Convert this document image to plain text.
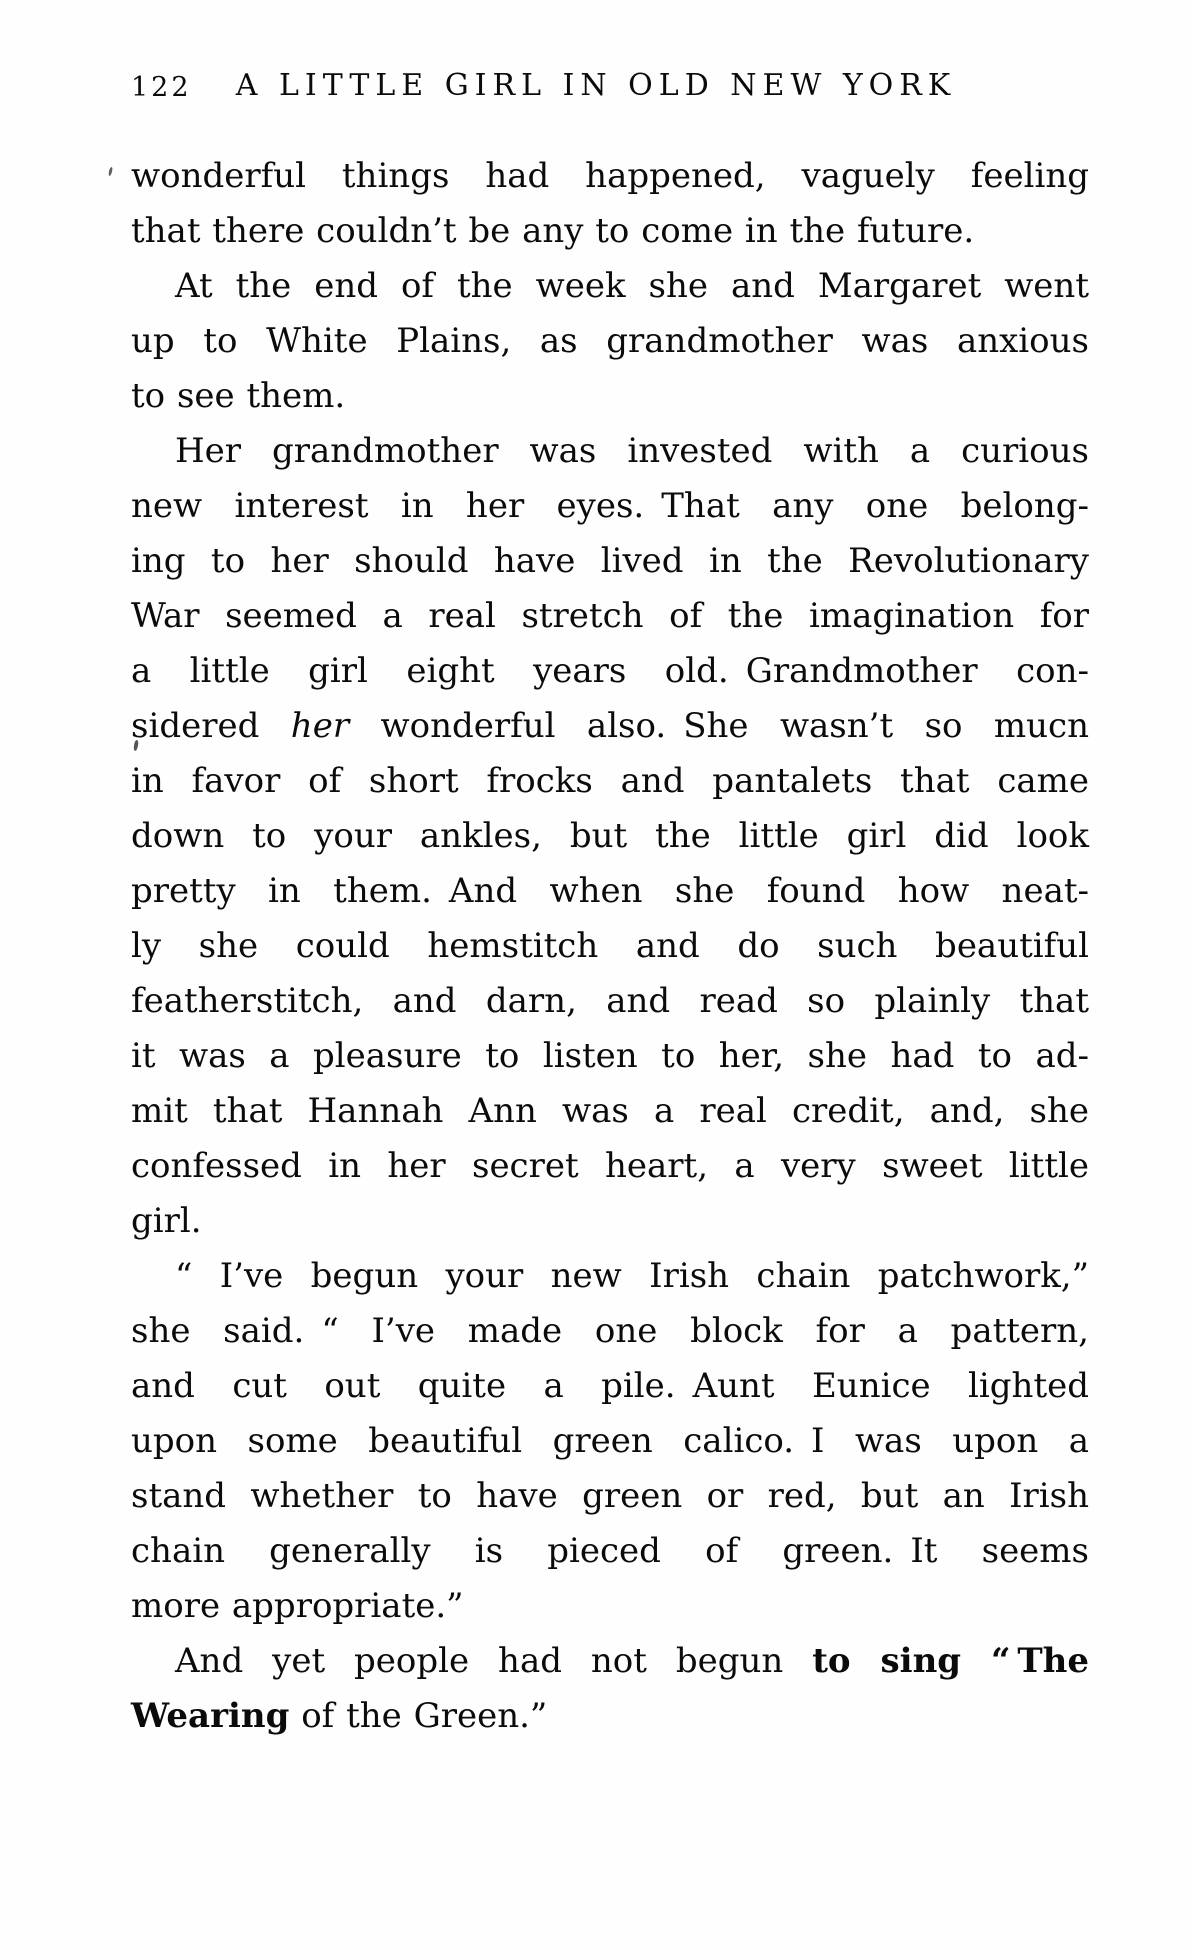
122	A LITTLE GIRL IN OLD NEW YORK
wonderful things had happened, vaguely feeling
that there couldn’t be any to come in the future.
At the end of the week she and Margaret went
up to White Plains, as grandmother was anxious
to see them.
Her grandmother was invested with a curious
new interest in her eyes. That any one belong-
ing to her should have lived in the Revolutionary
War seemed a real stretch of the imagination for
a little girl eight years old. Grandmother con-
sidered her wonderful also. She wasn’t so mucn
in favor of short frocks and pantalets that came
down to your ankles, but the little girl did look
pretty in them. And when she found how neat-
ly she could hemstitch and do such beautiful
featherstitch, and darn, and read so plainly that
it was a pleasure to listen to her, she had to ad-
mit that Hannah Ann was a real credit, and, she
confessed in her secret heart, a very sweet little
girl.
“ I’ve begun your new Irish chain patchwork,”
she said. “ I’ve made one block for a pattern,
and cut out quite a pile. Aunt Eunice lighted
upon some beautiful green calico. I was upon a
stand whether to have green or red, but an Irish
chain generally is pieced of green. It seems
more appropriate.”
And yet people had not begun to sing “ The
Wearing of the Green.”
